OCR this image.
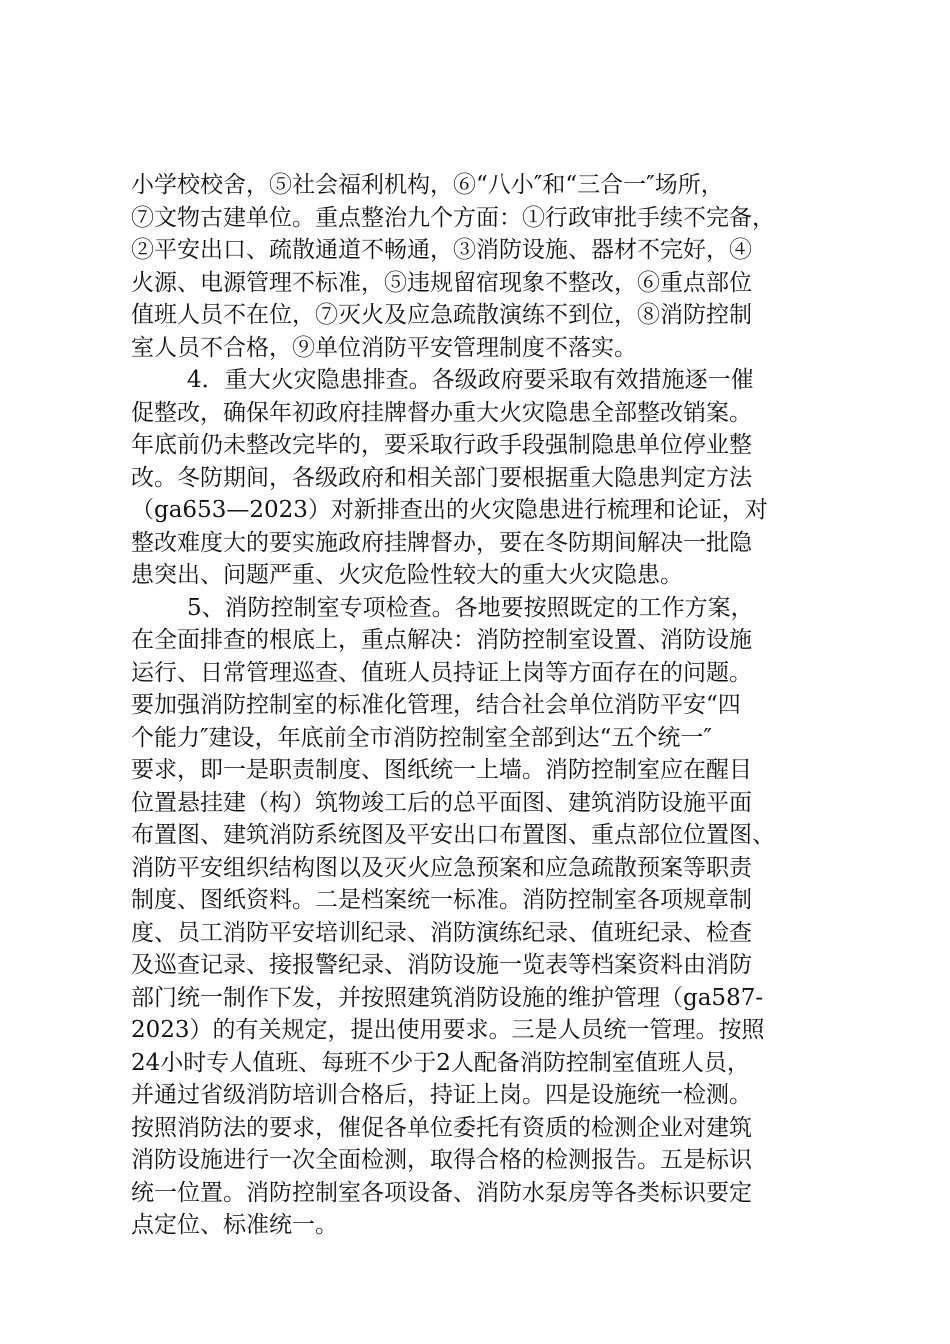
小学校校舍，⑤社会福利机构，⑥“八小″和“三合一″场所，
⑦文物古建单位。重点整治九个方面：①行政审批手续不完备，
②平安出口、疏散通道不畅通，③消防设施、器材不完好，④
火源、电源管理不标准，⑤违规留宿现象不整改，⑥重点部位
值班人员不在位，⑦灭火及应急疏散演练不到位，⑧消防控制
室人员不合格，⑨单位消防平安管理制度不落实。
4．重大火灾隐患排查。各级政府要采取有效措施逐一催
促整改，确保年初政府挂牌督办重大火灾隐患全部整改销案。
年底前仍未整改完毕的，要采取行政手段强制隐患单位停业整
改。冬防期间，各级政府和相关部门要根据重大隐患判定方法
（ga653—2023）对新排查出的火灾隐患进行梳理和论证，对
整改难度大的要实施政府挂牌督办，要在冬防期间解决一批隐
患突出、问题严重、火灾危险性较大的重大火灾隐患。
5、消防控制室专项检查。各地要按照既定的工作方案，
在全面排查的根底上，重点解决：消防控制室设置、消防设施
运行、日常管理巡查、值班人员持证上岗等方面存在的问题。
要加强消防控制室的标准化管理，结合社会单位消防平安“四
个能力″建设，年底前全市消防控制室全部到达“五个统一″
要求，即一是职责制度、图纸统一上墙。消防控制室应在醒目
位置悬挂建（构）筑物竣工后的总平面图、建筑消防设施平面
布置图、建筑消防系统图及平安出口布置图、重点部位位置图、
消防平安组织结构图以及灭火应急预案和应急疏散预案等职责
制度、图纸资料。二是档案统一标准。消防控制室各项规章制
度、员工消防平安培训纪录、消防演练纪录、值班纪录、检查
及巡查记录、接报警纪录、消防设施一览表等档案资料由消防
部门统一制作下发，并按照建筑消防设施的维护管理（ga587-
2023）的有关规定，提出使用要求。三是人员统一管理。按照
24小时专人值班、每班不少于2人配备消防控制室值班人员，
并通过省级消防培训合格后，持证上岗。四是设施统一检测。
按照消防法的要求，催促各单位委托有资质的检测企业对建筑
消防设施进行一次全面检测，取得合格的检测报告。五是标识
统一位置。消防控制室各项设备、消防水泵房等各类标识要定
点定位、标准统一。
